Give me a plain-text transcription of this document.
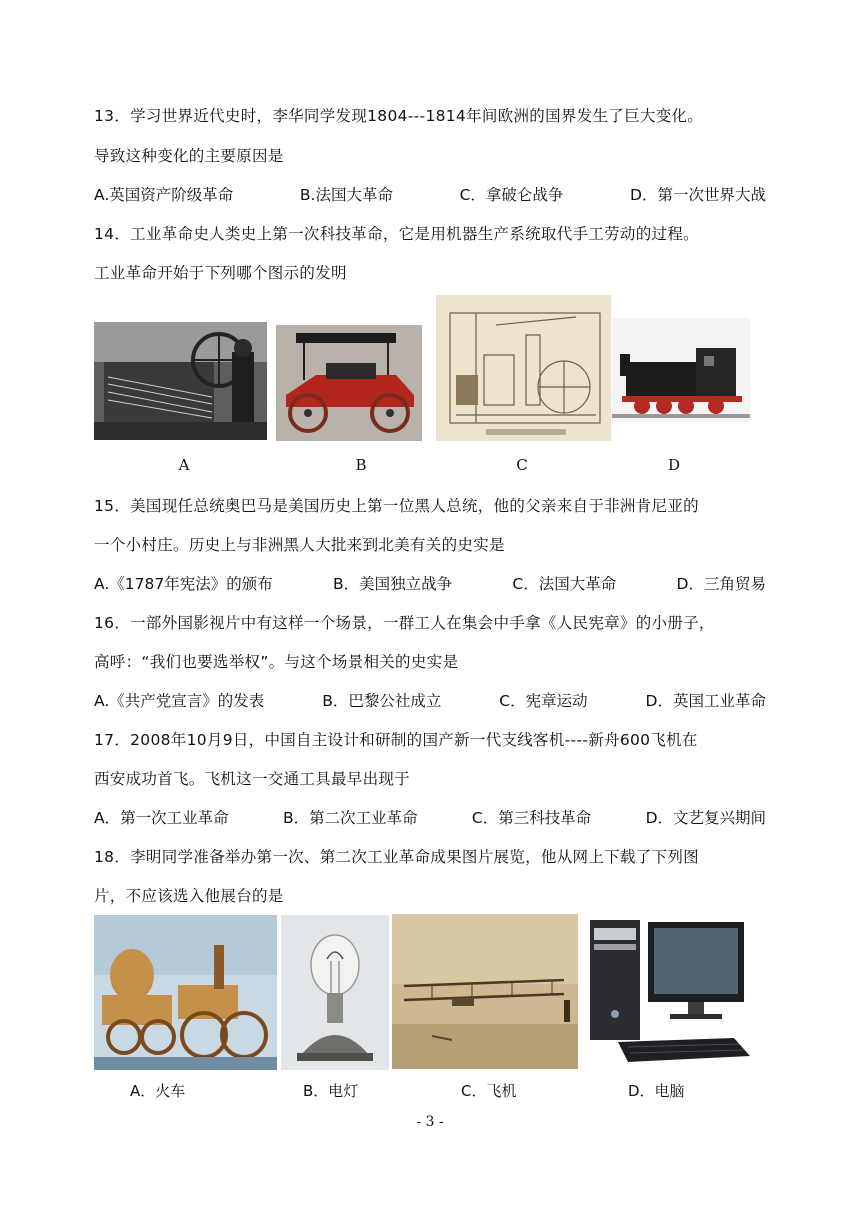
13．学习世界近代史时，李华同学发现1804---1814年间欧洲的国界发生了巨大变化。
导致这种变化的主要原因是
A.英国资产阶级革命	B.法国大革命	C．拿破仑战争	D．第一次世界大战
14．工业革命史人类史上第一次科技革命，它是用机器生产系统取代手工劳动的过程。
工业革命开始于下列哪个图示的发明
A	B	C	D
15．美国现任总统奥巴马是美国历史上第一位黑人总统，他的父亲来自于非洲肯尼亚的
一个小村庄。历史上与非洲黑人大批来到北美有关的史实是
A.《1787年宪法》的颁布	B．美国独立战争	C．法国大革命	D．三角贸易
16．一部外国影视片中有这样一个场景，一群工人在集会中手拿《人民宪章》的小册子，
高呼：“我们也要选举权”。与这个场景相关的史实是
A.《共产党宣言》的发表	B．巴黎公社成立	C．宪章运动	D．英国工业革命
17．2008年10月9日，中国自主设计和研制的国产新一代支线客机----新舟600飞机在
西安成功首飞。飞机这一交通工具最早出现于
A．第一次工业革命	B．第二次工业革命	C．第三科技革命	D．文艺复兴期间
18．李明同学准备举办第一次、第二次工业革命成果图片展览，他从网上下载了下列图
片，不应该选入他展台的是
A．火车	B．电灯	C．飞机	D．电脑
- 3 -
